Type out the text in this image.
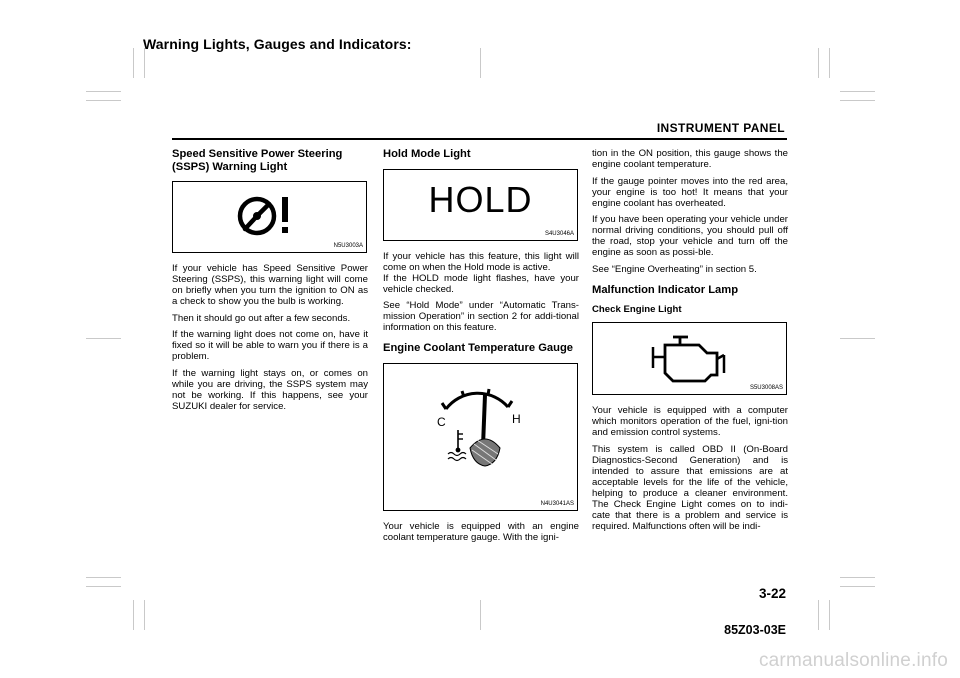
Warning Lights, Gauges and Indicators:
INSTRUMENT PANEL
Speed Sensitive Power Steering (SSPS) Warning Light
N5U3003A

If your vehicle has Speed Sensitive Power Steering (SSPS), this warning light will come on briefly when you turn the ignition to ON as a check to show you the bulb is working.

Then it should go out after a few seconds.

If the warning light does not come on, have it fixed so it will be able to warn you if there is a problem.

If the warning light stays on, or comes on while you are driving, the SSPS system may not be working. If this happens, see your SUZUKI dealer for service.

Hold Mode Light
HOLD
S4U3046A

If your vehicle has this feature, this light will come on when the Hold mode is active.

If the HOLD mode light flashes, have your vehicle checked.

See “Hold Mode” under “Automatic Trans-mission Operation” in section 2 for addi-tional information on this feature.

Engine Coolant Temperature Gauge
C	H
N4U3041AS

Your vehicle is equipped with an engine coolant temperature gauge. With the igni-

tion in the ON position, this gauge shows the engine coolant temperature.

If the gauge pointer moves into the red area, your engine is too hot! It means that your engine coolant has overheated.

If you have been operating your vehicle under normal driving conditions, you should pull off the road, stop your vehicle and turn off the engine as soon as possi-ble.

See “Engine Overheating” in section 5.

Malfunction Indicator Lamp
Check Engine Light
S5U3008AS

Your vehicle is equipped with a computer which monitors operation of the fuel, igni-tion and emission control systems.

This system is called OBD II (On-Board Diagnostics-Second Generation) and is intended to assure that emissions are at acceptable levels for the life of the vehicle, helping to produce a cleaner environment. The Check Engine Light comes on to indi-cate that there is a problem and service is required. Malfunctions often will be indi-

3-22
85Z03-03E
carmanualsonline.info
